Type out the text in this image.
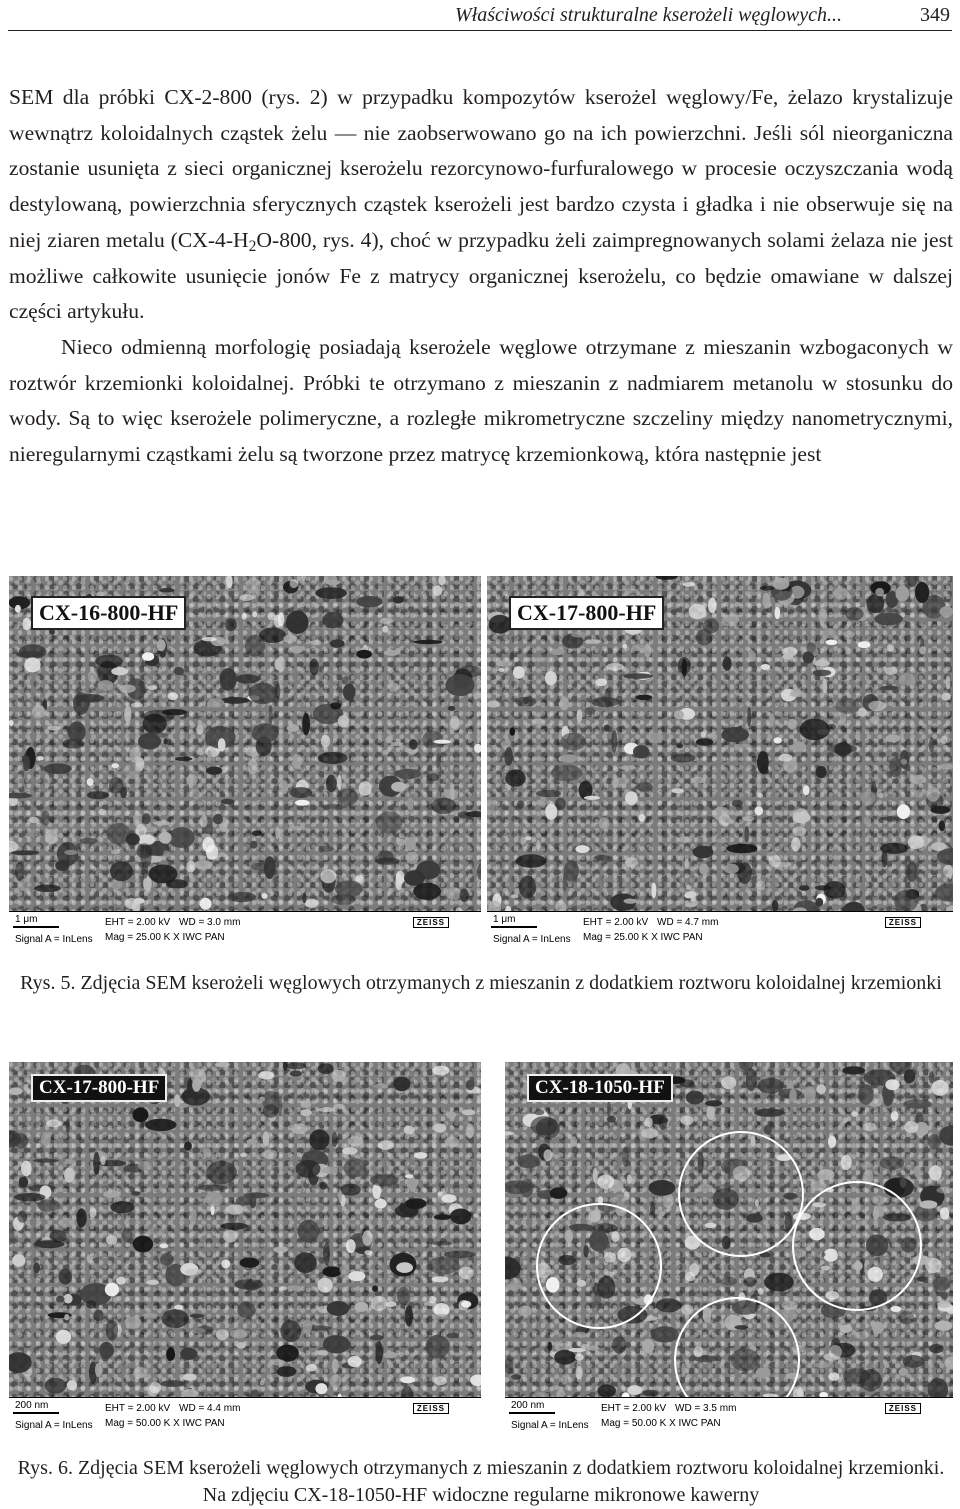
Właściwości strukturalne kserożeli węglowych...	349

SEM dla próbki CX-2-800 (rys. 2) w przypadku kompozytów kserożel węglowy/Fe, żelazo krystalizuje wewnątrz koloidalnych cząstek żelu — nie zaobserwowano go na ich powierzchni. Jeśli sól nieorganiczna zostanie usunięta z sieci organicznej kserożelu rezorcynowo-furfuralowego w procesie oczyszczania wodą destylowaną, powierzchnia sferycznych cząstek kserożeli jest bardzo czysta i gładka i nie obserwuje się na niej ziaren metalu ($CX-4-H_2O-800$, rys. 4), choć w przypadku żeli zaimpregnowanych solami żelaza nie jest możliwe całkowite usunięcie jonów Fe z matrycy organicznej kserożelu, co będzie omawiane w dalszej części artykułu.

Nieco odmienną morfologię posiadają kserożele węglowe otrzymane z mieszanin wzbogaconych w roztwór krzemionki koloidalnej. Próbki te otrzymano z mieszanin z nadmiarem metanolu w stosunku do wody. Są to więc kserożele polimeryczne, a rozległe mikrometryczne szczeliny między nanometrycznymi, nieregularnymi cząstkami żelu są tworzone przez matrycę krzemionkową, która następnie jest

CX-16-800-HF
1 μm
Signal A = InLens
EHT = 2.00 kV WD = 3.0 mm
Mag = 25.00 K X IWC PAN
ZEISS
CX-17-800-HF
1 μm
Signal A = InLens
EHT = 2.00 kV WD = 4.7 mm
Mag = 25.00 K X IWC PAN
ZEISS
Rys. 5. Zdjęcia SEM kserożeli węglowych otrzymanych z mieszanin z dodatkiem roztworu koloidalnej krzemionki
CX-17-800-HF
200 nm
Signal A = InLens
EHT = 2.00 kV WD = 4.4 mm
Mag = 50.00 K X IWC PAN
ZEISS
CX-18-1050-HF
200 nm
Signal A = InLens
EHT = 2.00 kV WD = 3.5 mm
Mag = 50.00 K X IWC PAN
ZEISS
Rys. 6. Zdjęcia SEM kserożeli węglowych otrzymanych z mieszanin z dodatkiem roztworu koloidalnej krzemionki. Na zdjęciu CX-18-1050-HF widoczne regularne mikronowe kawerny
